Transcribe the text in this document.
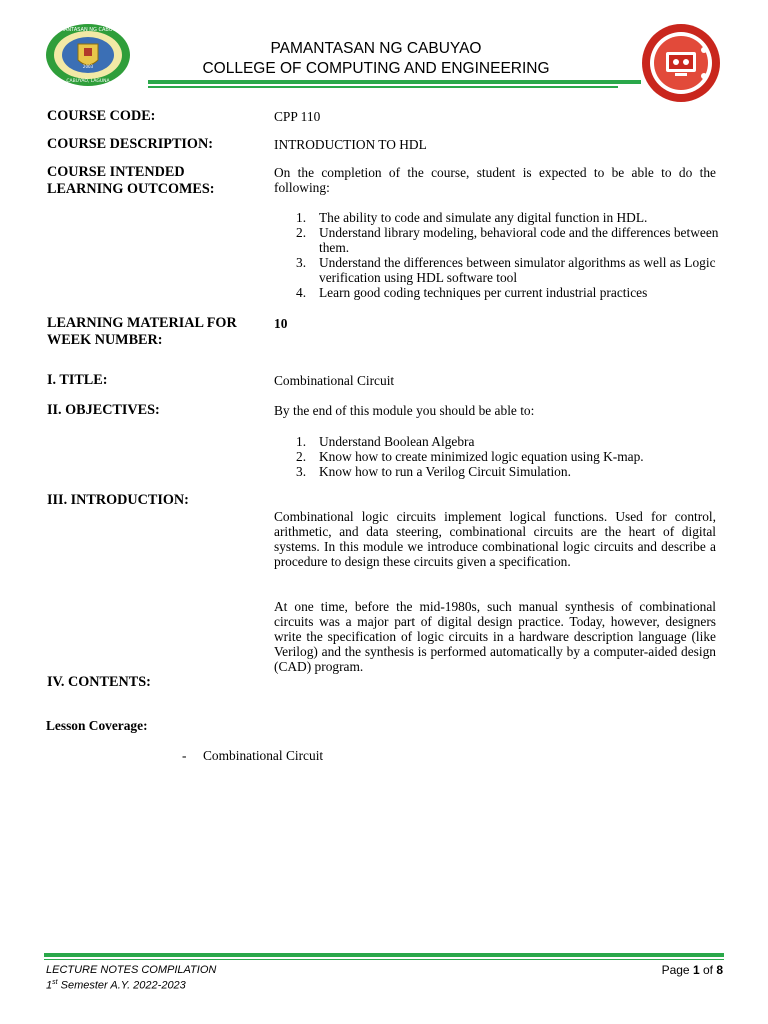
PAMANTASAN NG CABUYAO
CABUYAO, LAGUNA
2003
PAMANTASAN NG CABUYAO
COLLEGE OF COMPUTING AND ENGINEERING
COURSE CODE:	CPP 110
COURSE DESCRIPTION:	INTRODUCTION TO HDL
COURSE INTENDED
LEARNING OUTCOMES:
On the completion of the course, student is expected to be able to do the following:
1. The ability to code and simulate any digital function in HDL.
2. Understand library modeling, behavioral code and the differences between them.
3. Understand the differences between simulator algorithms as well as Logic verification using HDL software tool
4. Learn good coding techniques per current industrial practices
LEARNING MATERIAL FOR
WEEK NUMBER:
10
I. TITLE:	Combinational Circuit
II. OBJECTIVES:	By the end of this module you should be able to:
1. Understand Boolean Algebra
2. Know how to create minimized logic equation using K-map.
3. Know how to run a Verilog Circuit Simulation.
III. INTRODUCTION:
Combinational logic circuits implement logical functions. Used for control, arithmetic, and data steering, combinational circuits are the heart of digital systems. In this module we introduce combinational logic circuits and describe a procedure to design these circuits given a specification.
At one time, before the mid-1980s, such manual synthesis of combinational circuits was a major part of digital design practice. Today, however, designers write the specification of logic circuits in a hardware description language (like Verilog) and the synthesis is performed automatically by a computer-aided design (CAD) program.
IV. CONTENTS:
Lesson Coverage:
- Combinational Circuit
LECTURE NOTES COMPILATION
1st Semester A.Y. 2022-2023
Page 1 of 8
